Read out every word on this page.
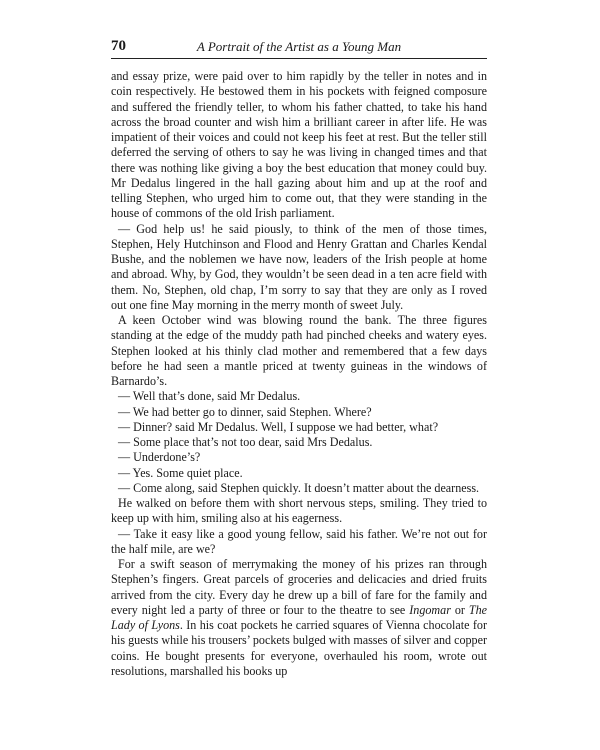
70	A Portrait of the Artist as a Young Man

and essay prize, were paid over to him rapidly by the teller in notes and in coin respectively. He bestowed them in his pockets with feigned composure and suffered the friendly teller, to whom his father chatted, to take his hand across the broad counter and wish him a brilliant career in after life. He was impatient of their voices and could not keep his feet at rest. But the teller still deferred the serving of others to say he was living in changed times and that there was nothing like giving a boy the best education that money could buy. Mr Dedalus lingered in the hall gazing about him and up at the roof and telling Stephen, who urged him to come out, that they were standing in the house of commons of the old Irish parliament.

— God help us! he said piously, to think of the men of those times, Stephen, Hely Hutchinson and Flood and Henry Grattan and Charles Kendal Bushe, and the noblemen we have now, leaders of the Irish people at home and abroad. Why, by God, they wouldn’t be seen dead in a ten acre field with them. No, Stephen, old chap, I’m sorry to say that they are only as I roved out one fine May morning in the merry month of sweet July.

A keen October wind was blowing round the bank. The three figures standing at the edge of the muddy path had pinched cheeks and watery eyes. Stephen looked at his thinly clad mother and remembered that a few days before he had seen a mantle priced at twenty guineas in the windows of Barnardo’s.

— Well that’s done, said Mr Dedalus.

— We had better go to dinner, said Stephen. Where?

— Dinner? said Mr Dedalus. Well, I suppose we had better, what?

— Some place that’s not too dear, said Mrs Dedalus.

— Underdone’s?

— Yes. Some quiet place.

— Come along, said Stephen quickly. It doesn’t matter about the dearness.

He walked on before them with short nervous steps, smiling. They tried to keep up with him, smiling also at his eagerness.

— Take it easy like a good young fellow, said his father. We’re not out for the half mile, are we?

For a swift season of merrymaking the money of his prizes ran through Stephen’s fingers. Great parcels of groceries and delicacies and dried fruits arrived from the city. Every day he drew up a bill of fare for the family and every night led a party of three or four to the theatre to see Ingomar or The Lady of Lyons. In his coat pockets he carried squares of Vienna chocolate for his guests while his trousers’ pockets bulged with masses of silver and copper coins. He bought presents for everyone, overhauled his room, wrote out resolutions, marshalled his books up
